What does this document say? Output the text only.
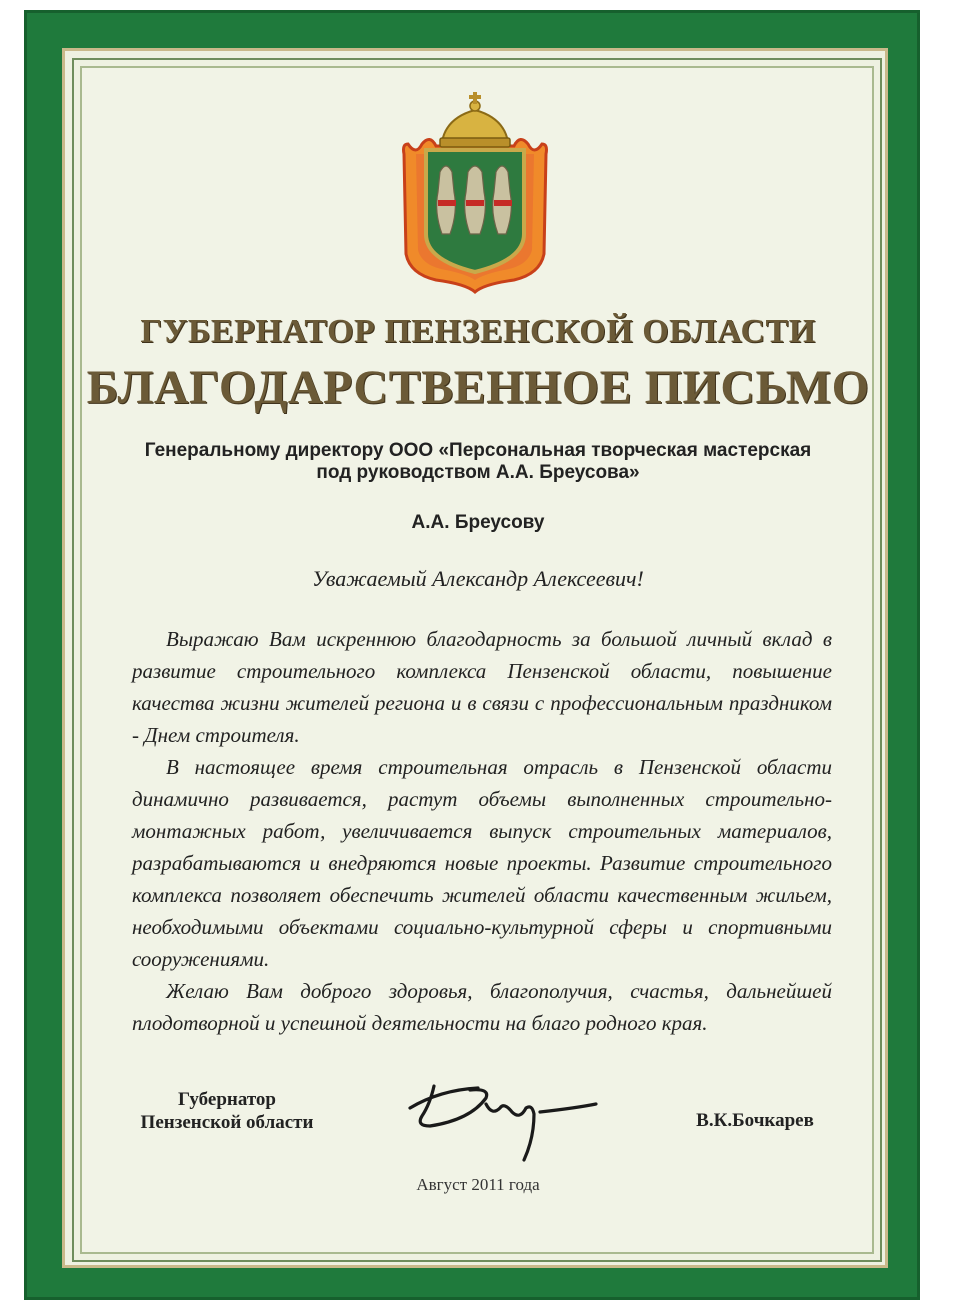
ГУБЕРНАТОР ПЕНЗЕНСКОЙ ОБЛАСТИ
БЛАГОДАРСТВЕННОЕ ПИСЬМО
Генеральному директору ООО «Персональная творческая мастерская под руководством А.А. Бреусова»
А.А. Бреусову
Уважаемый Александр Алексеевич!

Выражаю Вам искреннюю благодарность за большой личный вклад в развитие строительного комплекса Пензенской области, повышение качества жизни жителей региона и в связи с профессиональным праздником - Днем строителя.

В настоящее время строительная отрасль в Пензенской области динамично развивается, растут объемы выполненных строительно-монтажных работ, увеличивается выпуск строительных материалов, разрабатываются и внедряются новые проекты. Развитие строительного комплекса позволяет обеспечить жителей области качественным жильем, необходимыми объектами социально-культурной сферы и спортивными сооружениями.

Желаю Вам доброго здоровья, благополучия, счастья, дальнейшей плодотворной и успешной деятельности на благо родного края.

Губернатор
Пензенской области	В.К.Бочкарев
Август 2011 года
